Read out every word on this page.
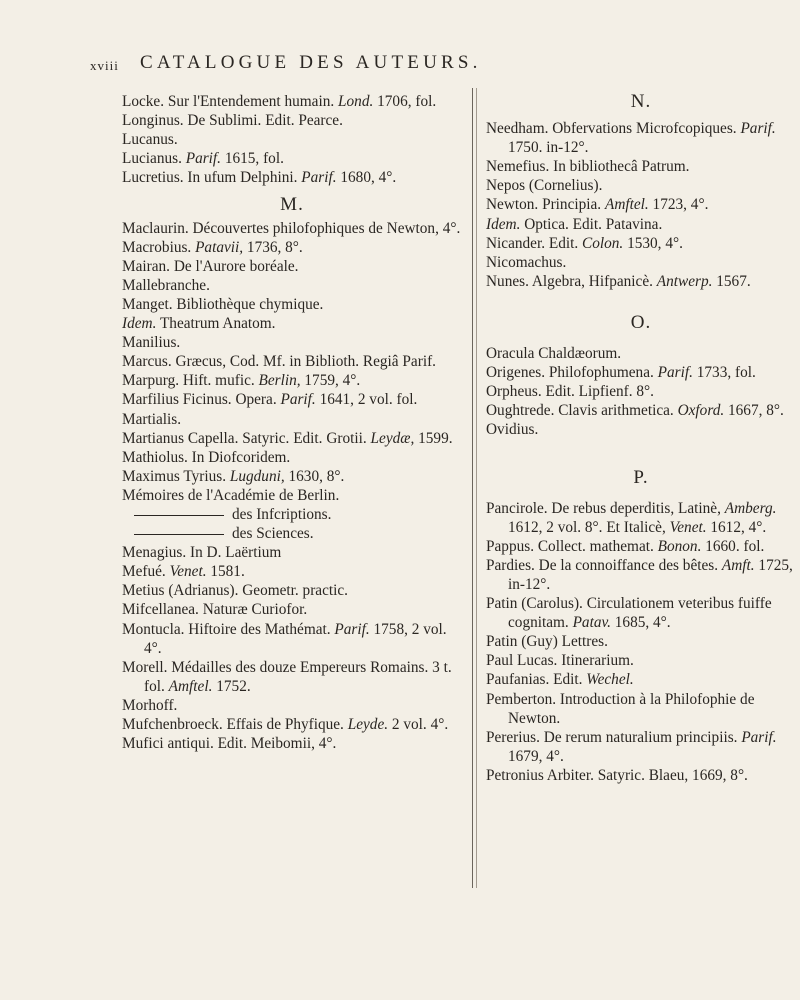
xviii CATALOGUE DES AUTEURS.

Locke. Sur l'Entendement humain. Lond. 1706, fol.

Longinus. De Sublimi. Edit. Pearce.

Lucanus.

Lucianus. Parif. 1615, fol.

Lucretius. In ufum Delphini. Parif. 1680, 4°.

M.

Maclaurin. Découvertes philofophiques de Newton, 4°.

Macrobius. Patavii, 1736, 8°.

Mairan. De l'Aurore boréale.

Mallebranche.

Manget. Bibliothèque chymique.

Idem. Theatrum Anatom.

Manilius.

Marcus. Græcus, Cod. Mf. in Biblioth. Regiâ Parif.

Marpurg. Hift. mufic. Berlin, 1759, 4°.

Marfilius Ficinus. Opera. Parif. 1641, 2 vol. fol.

Martialis.

Martianus Capella. Satyric. Edit. Grotii. Leydæ, 1599.

Mathiolus. In Diofcoridem.

Maximus Tyrius. Lugduni, 1630, 8°.

Mémoires de l'Académie de Berlin.

des Infcriptions.

des Sciences.

Menagius. In D. Laërtium

Mefué. Venet. 1581.

Metius (Adrianus). Geometr. practic.

Mifcellanea. Naturæ Curiofor.

Montucla. Hiftoire des Mathémat. Parif. 1758, 2 vol. 4°.

Morell. Médailles des douze Empereurs Romains. 3 t. fol. Amftel. 1752.

Morhoff.

Mufchenbroeck. Effais de Phyfique. Leyde. 2 vol. 4°.

Mufici antiqui. Edit. Meibomii, 4°.

N.

Needham. Obfervations Microfcopiques. Parif. 1750. in-12°.

Nemefius. In bibliothecâ Patrum.

Nepos (Cornelius).

Newton. Principia. Amftel. 1723, 4°.

Idem. Optica. Edit. Patavina.

Nicander. Edit. Colon. 1530, 4°.

Nicomachus.

Nunes. Algebra, Hifpanicè. Antwerp. 1567.

O.

Oracula Chaldæorum.

Origenes. Philofophumena. Parif. 1733, fol.

Orpheus. Edit. Lipfienf. 8°.

Oughtrede. Clavis arithmetica. Oxford. 1667, 8°.

Ovidius.

P.

Pancirole. De rebus deperditis, Latinè, Amberg. 1612, 2 vol. 8°. Et Italicè, Venet. 1612, 4°.

Pappus. Collect. mathemat. Bonon. 1660. fol.

Pardies. De la connoiffance des bêtes. Amft. 1725, in-12°.

Patin (Carolus). Circulationem veteribus fuiffe cognitam. Patav. 1685, 4°.

Patin (Guy) Lettres.

Paul Lucas. Itinerarium.

Paufanias. Edit. Wechel.

Pemberton. Introduction à la Philofophie de Newton.

Pererius. De rerum naturalium principiis. Parif. 1679, 4°.

Petronius Arbiter. Satyric. Blaeu, 1669, 8°.
